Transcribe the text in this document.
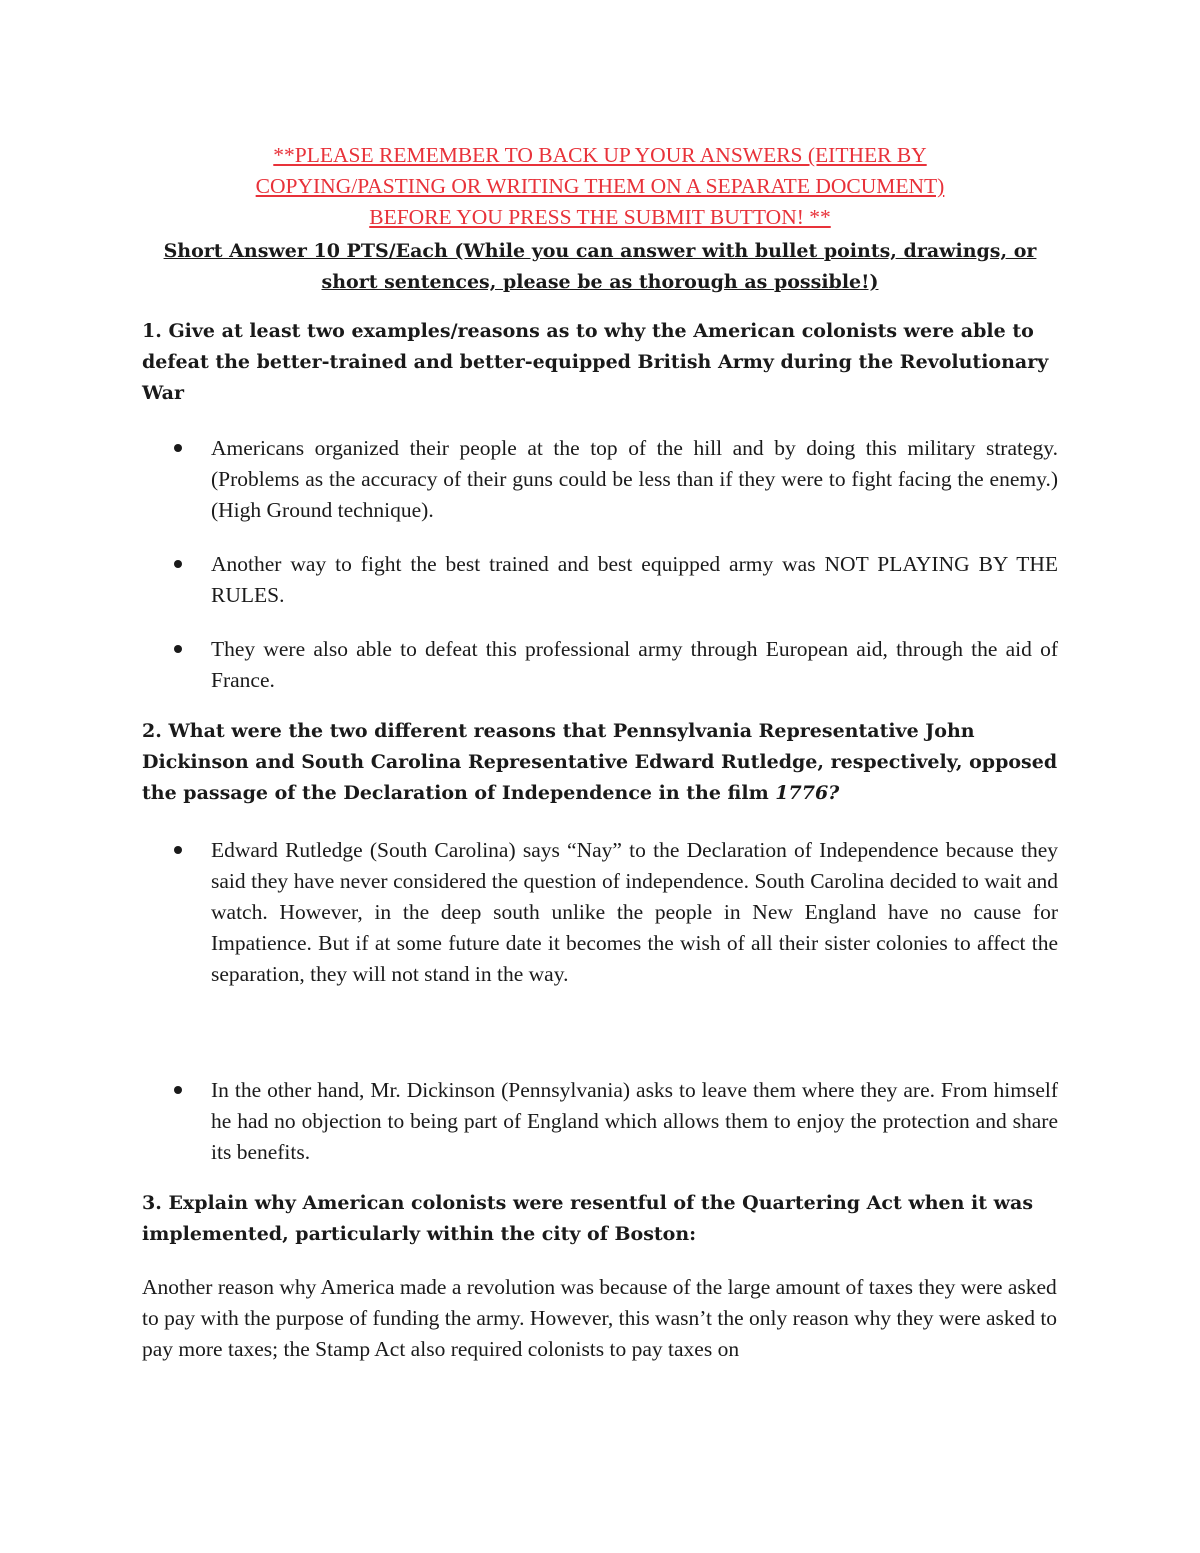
**PLEASE REMEMBER TO BACK UP YOUR ANSWERS (EITHER BY

COPYING/PASTING OR WRITING THEM ON A SEPARATE DOCUMENT)

BEFORE YOU PRESS THE SUBMIT BUTTON! **

Short Answer 10 PTS/Each (While you can answer with bullet points, drawings, or short sentences, please be as thorough as possible!)

1. Give at least two examples/reasons as to why the American colonists were able to defeat the better-trained and better-equipped British Army during the Revolutionary War

Americans organized their people at the top of the hill and by doing this military strategy. (Problems as the accuracy of their guns could be less than if they were to fight facing the enemy.) (High Ground technique).
Another way to fight the best trained and best equipped army was NOT PLAYING BY THE RULES.
They were also able to defeat this professional army through European aid, through the aid of France.

2. What were the two different reasons that Pennsylvania Representative John Dickinson and South Carolina Representative Edward Rutledge, respectively, opposed the passage of the Declaration of Independence in the film 1776?

Edward Rutledge (South Carolina) says “Nay” to the Declaration of Independence because they said they have never considered the question of independence. South Carolina decided to wait and watch. However, in the deep south unlike the people in New England have no cause for Impatience. But if at some future date it becomes the wish of all their sister colonies to affect the separation, they will not stand in the way.
In the other hand, Mr. Dickinson (Pennsylvania) asks to leave them where they are. From himself he had no objection to being part of England which allows them to enjoy the protection and share its benefits.

3. Explain why American colonists were resentful of the Quartering Act when it was implemented, particularly within the city of Boston:

Another reason why America made a revolution was because of the large amount of taxes they were asked to pay with the purpose of funding the army. However, this wasn’t the only reason why they were asked to pay more taxes; the Stamp Act also required colonists to pay taxes on
